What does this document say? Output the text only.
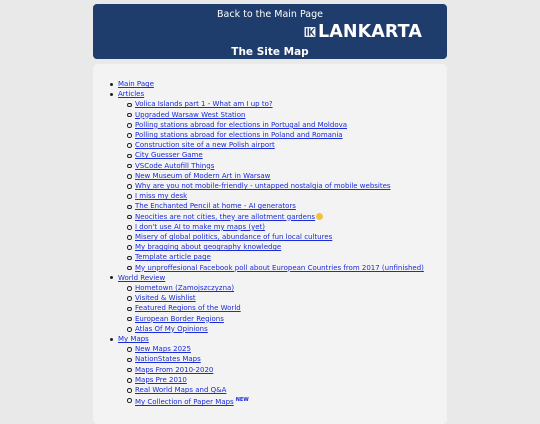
Back to the Main Page
LANKARTA
The Site Map
Main Page
Articles
Volica Islands part 1 - What am I up to?
Upgraded Warsaw West Station
Polling stations abroad for elections in Portugal and Moldova
Polling stations abroad for elections in Poland and Romania
Construction site of a new Polish airport
City Guesser Game
VSCode Autofill Things
New Museum of Modern Art in Warsaw
Why are you not mobile-friendly - untapped nostalgia of mobile websites
I miss my desk
The Enchanted Pencil at home - AI generators
Neocities are not cities, they are allotment gardens
I don't use AI to make my maps (yet)
Misery of global politics, abundance of fun local cultures
My bragging about geography knowledge
Template article page
My unproffesional Facebook poll about European Countries from 2017 (unfinished)
World Review
Hometown (Zamojszczyzna)
Visited & Wishlist
Featured Regions of the World
European Border Regions
Atlas Of My Opinions
My Maps
New Maps 2025
NationStates Maps
Maps From 2010-2020
Maps Pre 2010
Real World Maps and Q&A
My Collection of Paper Maps $^{NEW}$
